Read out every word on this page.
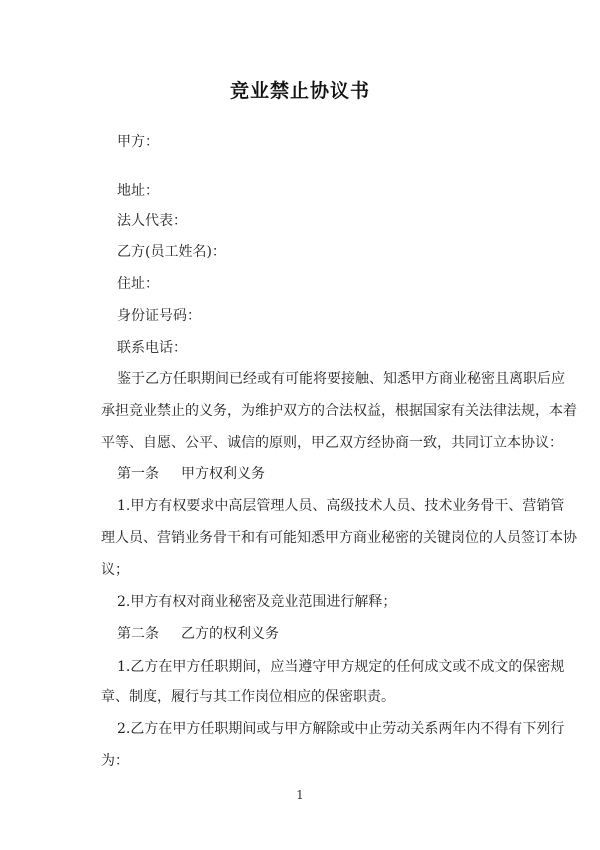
竞业禁止协议书
甲方：
地址：
法人代表：
乙方(员工姓名)：
住址：
身份证号码：
联系电话：
鉴于乙方任职期间已经或有可能将要接触、知悉甲方商业秘密且离职后应
承担竞业禁止的义务，为维护双方的合法权益，根据国家有关法律法规，本着
平等、自愿、公平、诚信的原则，甲乙双方经协商一致，共同订立本协议：
第一条 甲方权利义务
1.甲方有权要求中高层管理人员、高级技术人员、技术业务骨干、营销管
理人员、营销业务骨干和有可能知悉甲方商业秘密的关键岗位的人员签订本协
议；
2.甲方有权对商业秘密及竞业范围进行解释；
第二条 乙方的权利义务
1.乙方在甲方任职期间，应当遵守甲方规定的任何成文或不成文的保密规
章、制度，履行与其工作岗位相应的保密职责。
2.乙方在甲方任职期间或与甲方解除或中止劳动关系两年内不得有下列行
为：
1
